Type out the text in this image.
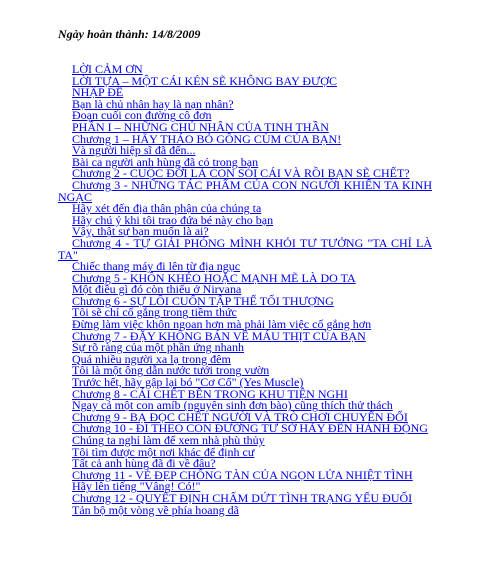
Ngày hoàn thành: 14/8/2009
LỜI CẢM ƠN
LỜI TỰA – MỘT CÁI KÉN SẼ KHÔNG BAY ĐƯỢC
NHẬP ĐỀ
Bạn là chủ nhân hay là nạn nhân?
Đoạn cuối con đường cô đơn
PHẦN I – NHỮNG CHỦ NHÂN CỦA TINH THẦN
Chương 1 – HÃY THÁO BỎ GÔNG CÙM CỦA BẠN!
Và người hiệp sĩ đã đến...
Bài ca người anh hùng đã có trong bạn
Chương 2 - CUỘC ĐỜI LÀ CON SÓI CÁI VÀ RỒI BẠN SẼ CHẾT?
Chương 3 - NHỮNG TÁC PHẨM CỦA CON NGƯỜI KHIẾN TA KINH NGẠC
Hãy xét đến địa thân phận của chúng ta
Hãy chú ý khi tôi trao đứa bé này cho bạn
Vậy, thật sự bạn muốn là ai?
Chương 4 - TỰ GIẢI PHÓNG MÌNH KHỎI TƯ TƯỞNG "TA CHỈ LÀ TA"
Chiếc thang máy đi lên từ địa ngục
Chương 5 - KHÔN KHÉO HOẶC MẠNH MẼ LÀ DO TA
Một điều gì đó còn thiếu ở Nirvana
Chương 6 - SỰ LÔI CUỐN TẬP THỂ TỐI THƯỢNG
Tôi sẽ chỉ cố gắng trong tiềm thức
Đừng làm việc khôn ngoan hơn mà phải làm việc cố gắng hơn
Chương 7 - ĐẶY KHÔNG BÁN VỀ MÁU THỊT CỦA BẠN
Sự rõ ràng của một phần ứng nhanh
Quá nhiều người xa lạ trong đêm
Tôi là một ông dẫn nước tưới trong vườn
Trước hết, hãy gập lại bó "Cơ Cổ" (Yes Muscle)
Chương 8 - CÁI CHẾT BÊN TRONG KHU TIỆN NGHI
Ngay cả một con amíb (nguyên sinh đơn bào) cũng thích thử thách
Chương 9 - BẠ ĐỌC CHẾT NGƯỜI VÀ TRÒ CHƠI CHUYỂN ĐỔI
Chương 10 - ĐI THEO CON ĐƯỜNG TƯ SỞ HÃY ĐẾN HÀNH ĐỘNG
Chúng ta nghỉ làm để xem nhà phù thủy
Tôi tìm được một nơi khác để định cư
Tất cả anh hùng đã đi về đâu?
Chương 11 - VẺ ĐẸP CHỐNG TÀN CỦA NGỌN LỬA NHIỆT TÌNH
Hãy lên tiếng "Vâng! Có!"
Chương 12 - QUYẾT ĐỊNH CHẤM DỨT TÌNH TRẠNG YẾU ĐUỐI
Tản bộ một vòng về phía hoang dã
